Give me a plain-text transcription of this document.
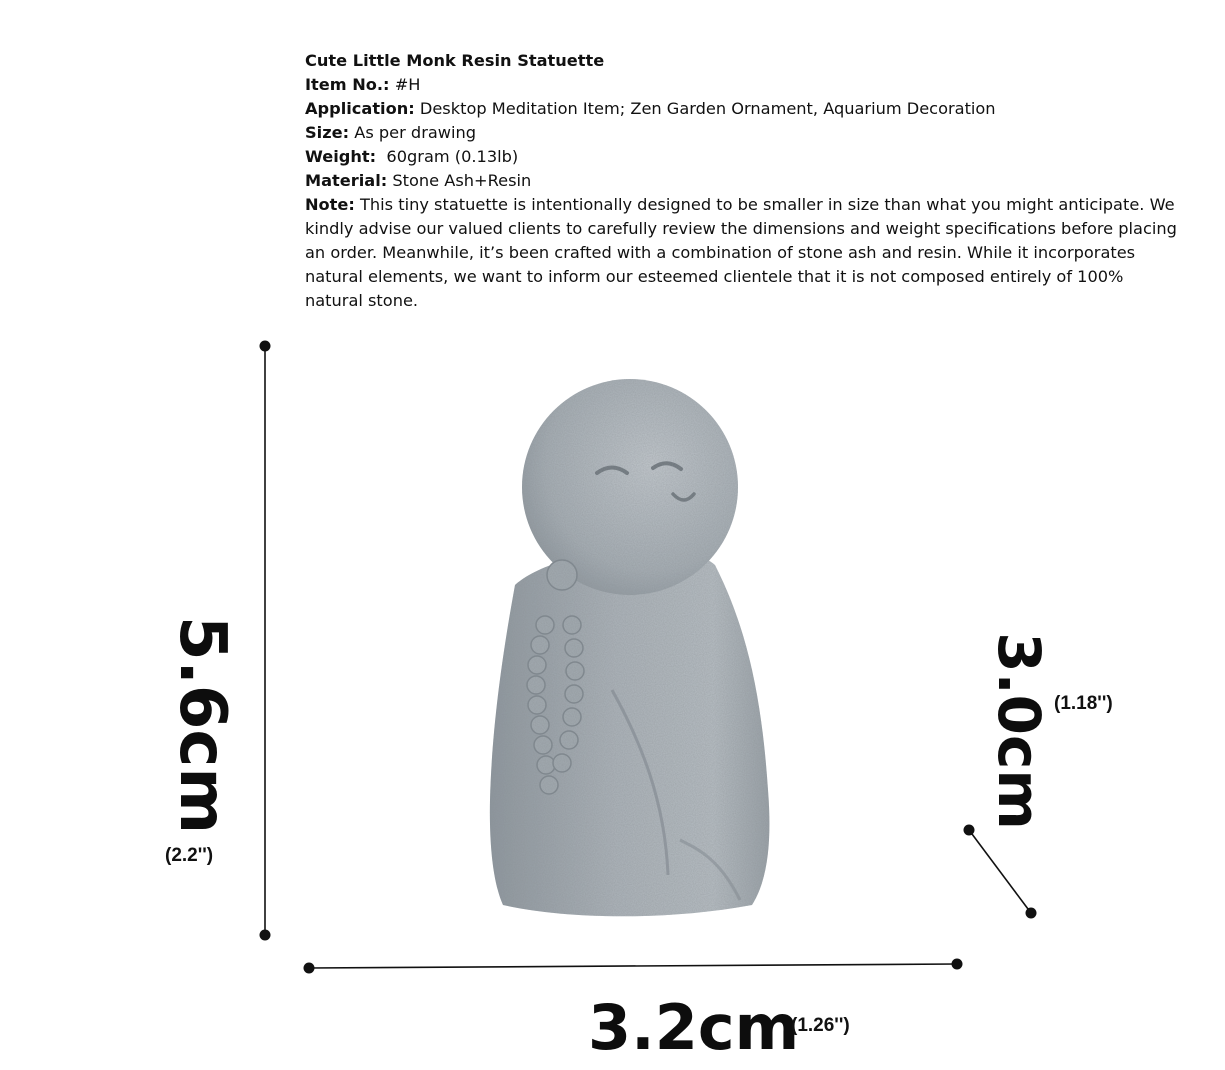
Cute Little Monk Resin Statuette

Item No.: #H

Application: Desktop Meditation Item; Zen Garden Ornament, Aquarium Decoration

Size: As per drawing

Weight:  60gram (0.13lb)

Material: Stone Ash+Resin

Note: This tiny statuette is intentionally designed to be smaller in size than what you might anticipate. We kindly advise our valued clients to carefully review the dimensions and weight specifications before placing an order. Meanwhile, it’s been crafted with a combination of stone ash and resin. While it incorporates natural elements, we want to inform our esteemed clientele that it is not composed entirely of 100% natural stone.

5.6cm
(2.2'')
3.0cm (1.18'')
3.2cm
(1.26'')
